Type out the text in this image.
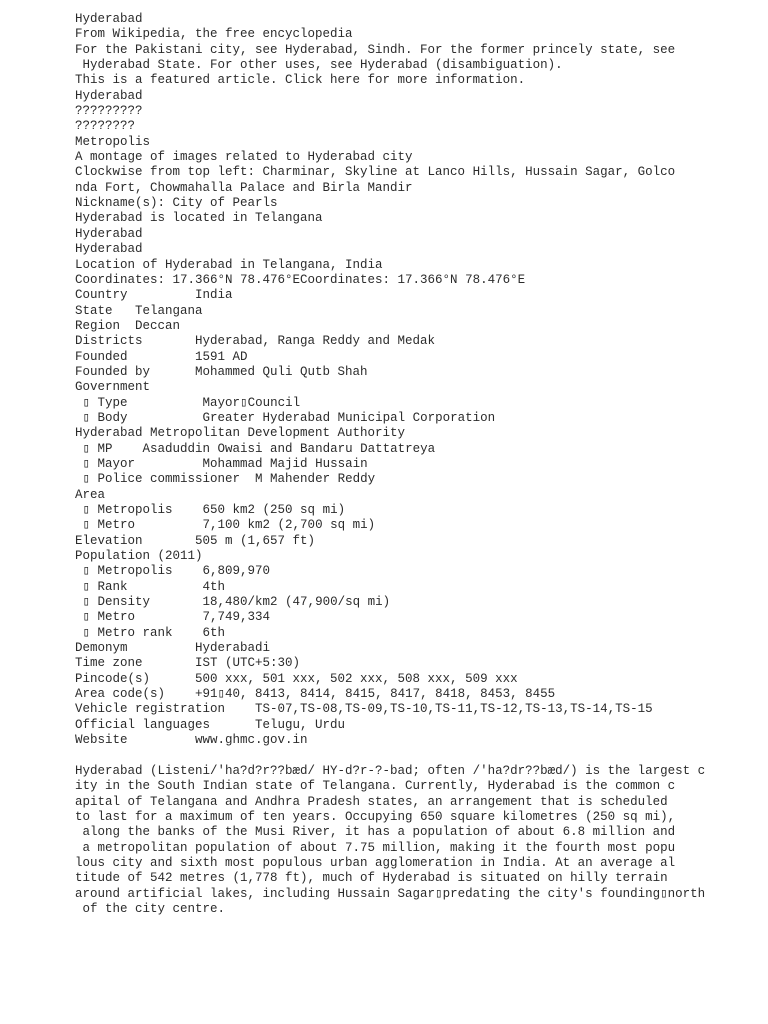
Hyderabad
From Wikipedia, the free encyclopedia
For the Pakistani city, see Hyderabad, Sindh. For the former princely state, see
Hyderabad State. For other uses, see Hyderabad (disambiguation).
This is a featured article. Click here for more information.
Hyderabad
?????????
????????
Metropolis
A montage of images related to Hyderabad city
Clockwise from top left: Charminar, Skyline at Lanco Hills, Hussain Sagar, Golco
nda Fort, Chowmahalla Palace and Birla Mandir
Nickname(s): City of Pearls
Hyderabad is located in Telangana
Hyderabad
Hyderabad
Location of Hyderabad in Telangana, India
Coordinates: 17.366°N 78.476°ECoordinates: 17.366°N 78.476°E
Country         India
State   Telangana
Region  Deccan
Districts       Hyderabad, Ranga Reddy and Medak
Founded         1591 AD
Founded by      Mohammed Quli Qutb Shah
Government
▯ Type          Mayor▯Council
▯ Body          Greater Hyderabad Municipal Corporation
Hyderabad Metropolitan Development Authority
▯ MP    Asaduddin Owaisi and Bandaru Dattatreya
▯ Mayor         Mohammad Majid Hussain
▯ Police commissioner  M Mahender Reddy
Area
▯ Metropolis    650 km2 (250 sq mi)
▯ Metro         7,100 km2 (2,700 sq mi)
Elevation       505 m (1,657 ft)
Population (2011)
▯ Metropolis    6,809,970
▯ Rank          4th
▯ Density       18,480/km2 (47,900/sq mi)
▯ Metro         7,749,334
▯ Metro rank    6th
Demonym         Hyderabadi
Time zone       IST (UTC+5:30)
Pincode(s)      500 xxx, 501 xxx, 502 xxx, 508 xxx, 509 xxx
Area code(s)    +91▯40, 8413, 8414, 8415, 8417, 8418, 8453, 8455
Vehicle registration    TS-07,TS-08,TS-09,TS-10,TS-11,TS-12,TS-13,TS-14,TS-15
Official languages      Telugu, Urdu
Website         www.ghmc.gov.in
Hyderabad (Listeni/'ha?d?r??bæd/ HY-d?r-?-bad; often /'ha?dr??bæd/) is the largest c
ity in the South Indian state of Telangana. Currently, Hyderabad is the common c
apital of Telangana and Andhra Pradesh states, an arrangement that is scheduled
to last for a maximum of ten years. Occupying 650 square kilometres (250 sq mi),
along the banks of the Musi River, it has a population of about 6.8 million and
a metropolitan population of about 7.75 million, making it the fourth most popu
lous city and sixth most populous urban agglomeration in India. At an average al
titude of 542 metres (1,778 ft), much of Hyderabad is situated on hilly terrain
around artificial lakes, including Hussain Sagar▯predating the city's founding▯north
of the city centre.
